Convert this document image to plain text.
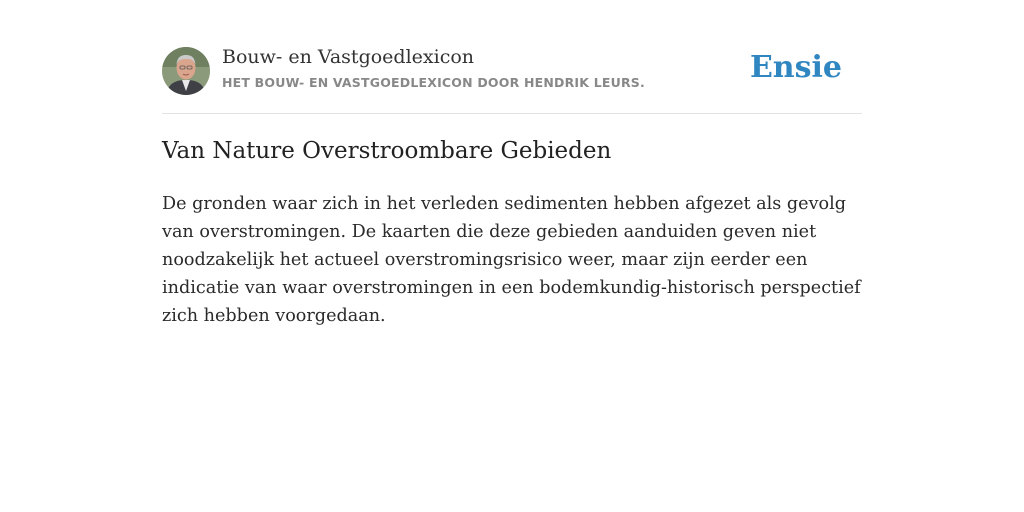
Bouw- en Vastgoedlexicon
HET BOUW- EN VASTGOEDLEXICON DOOR HENDRIK LEURS.	Ensie
Van Nature Overstroombare Gebieden

De gronden waar zich in het verleden sedimenten hebben afgezet als gevolg van overstromingen. De kaarten die deze gebieden aanduiden geven niet noodzakelijk het actueel overstromingsrisico weer, maar zijn eerder een indicatie van waar overstromingen in een bodemkundig-historisch perspectief zich hebben voorgedaan.
